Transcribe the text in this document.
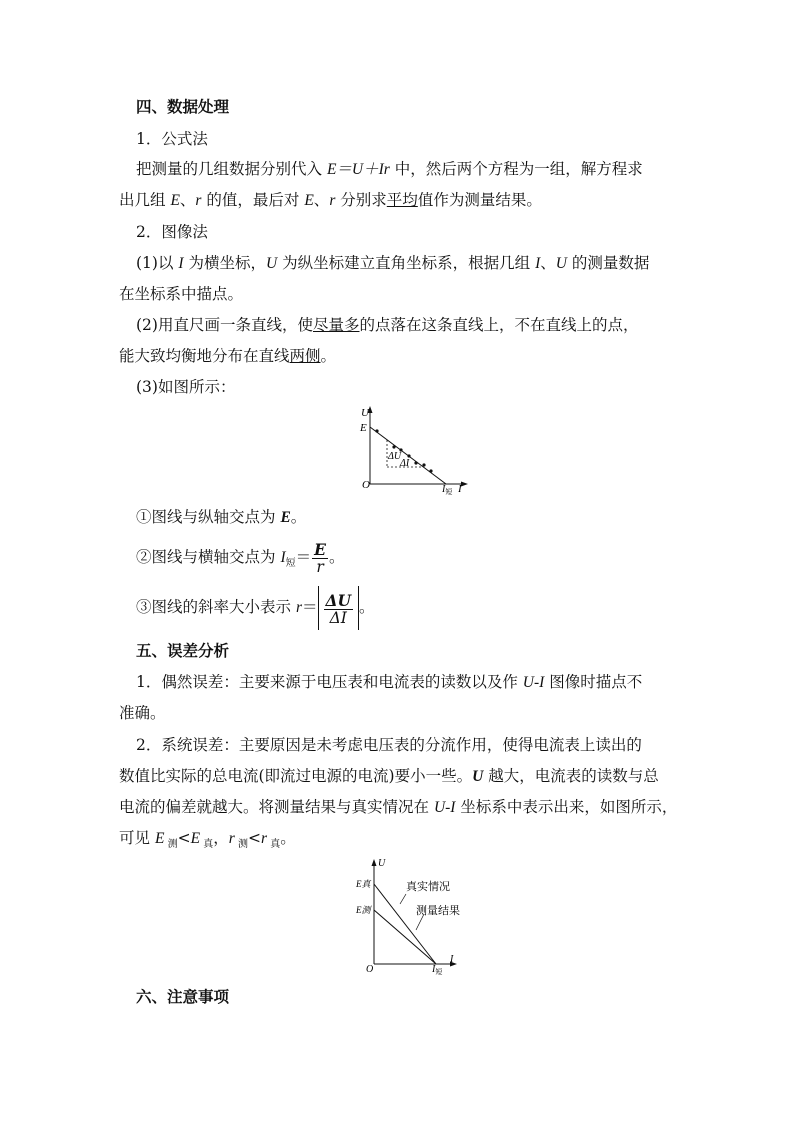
四、数据处理
1．公式法
把测量的几组数据分别代入 E＝U＋Ir 中，然后两个方程为一组，解方程求
出几组 E、r 的值，最后对 E、r 分别求平均值作为测量结果。
2．图像法
(1)以 I 为横坐标，U 为纵坐标建立直角坐标系，根据几组 I、U 的测量数据
在坐标系中描点。
(2)用直尺画一条直线，使尽量多的点落在这条直线上，不在直线上的点，
能大致均衡地分布在直线两侧。
(3)如图所示：
U
E
ΔU
ΔI
O	$I_短$ I
①图线与纵轴交点为 E。
②图线与横轴交点为 $I_短= \frac{E}{r}$ 。
③图线的斜率大小表示 $r= \frac{\Delta U}{\Delta I}$ 。
五、误差分析
1．偶然误差：主要来源于电压表和电流表的读数以及作 U-I 图像时描点不
准确。
2．系统误差：主要原因是未考虑电压表的分流作用，使得电流表上读出的
数值比实际的总电流(即流过电源的电流)要小一些。U 越大，电流表的读数与总
电流的偏差就越大。将测量结果与真实情况在 U-I 坐标系中表示出来，如图所示，
可见 E $_测$<E $_真$，r $_测$<r $_真$。
U
E真
E测
真实情况
测量结果
O	$I_短$
I
六、注意事项
